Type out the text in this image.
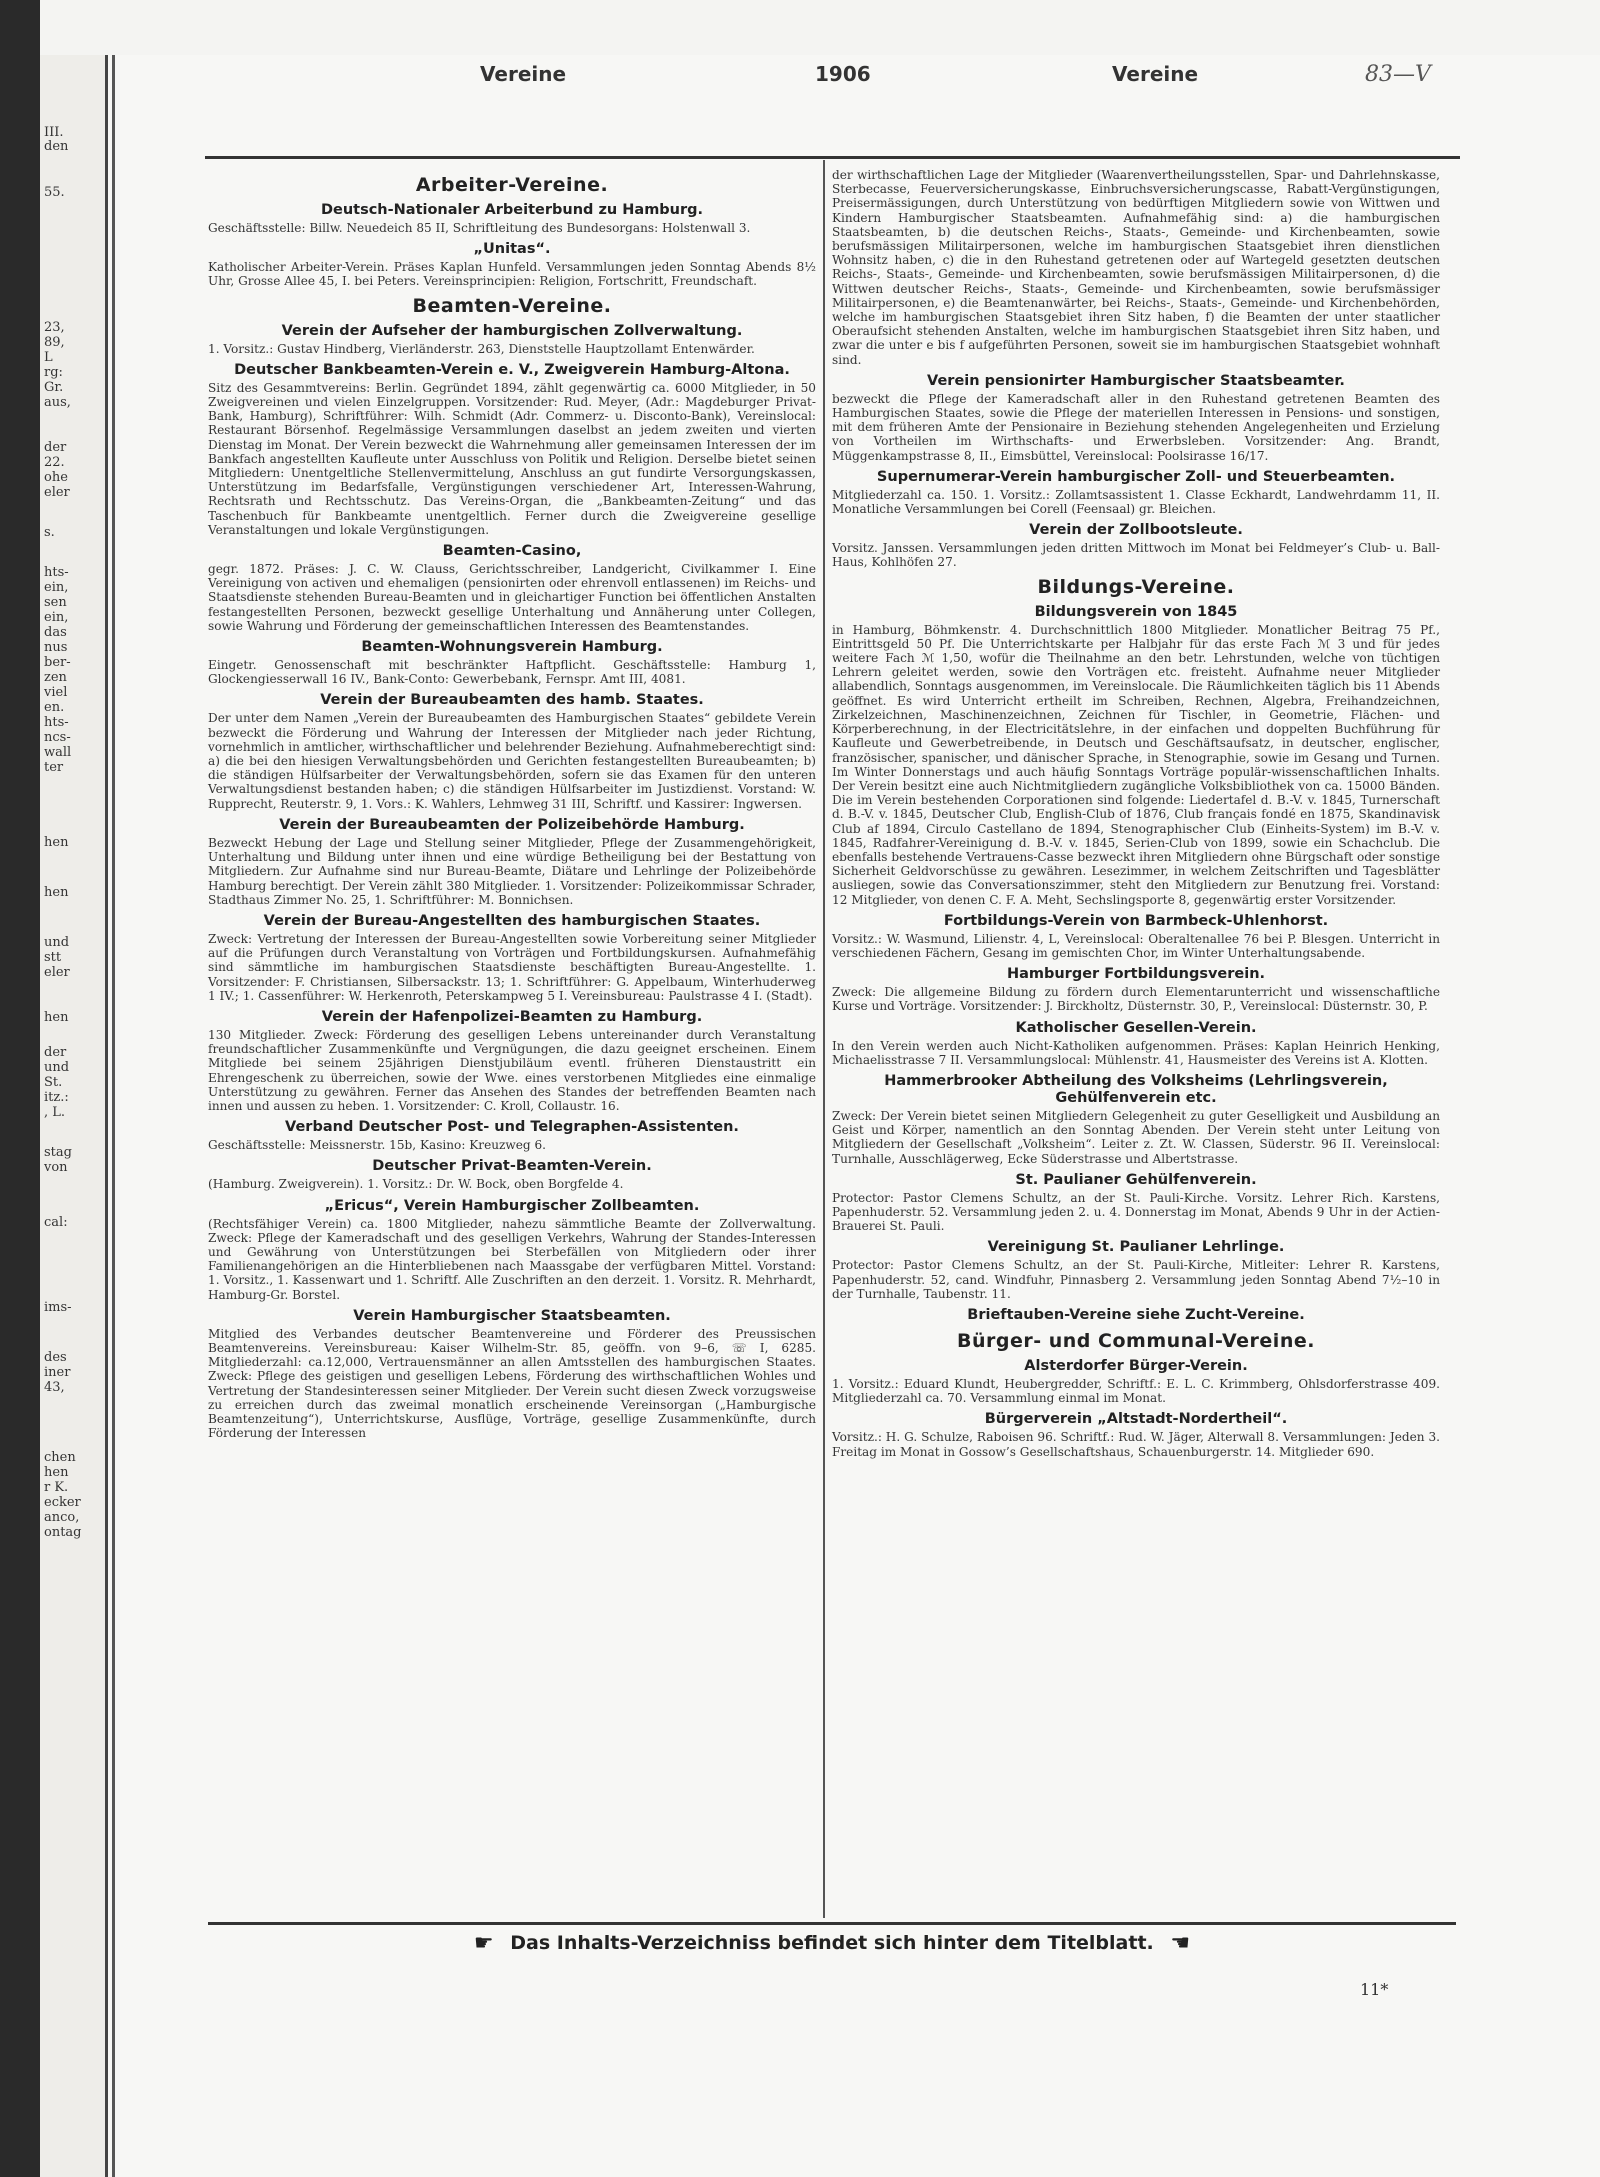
III.
den
55.
23,
89,
L
rg:
Gr.
aus,
der
22.
ohe
eler
s.
hts-
ein,
sen
ein,
das
nus
ber-
zen
viel
en.
hts-
ncs-
wall
ter
hen
hen
und
stt
eler
hen
der
und
St.
itz.:
, L.
stag
von
cal:
ims-
des
iner
43,
chen
hen
r K.
ecker
anco,
ontag
Vereine	1906	Vereine	83—V
Arbeiter-Vereine.
Deutsch-Nationaler Arbeiterbund zu Hamburg.

Geschäftsstelle: Billw. Neuedeich 85 II, Schriftleitung des Bundesorgans: Holstenwall 3.

„Unitas“.

Katholischer Arbeiter-Verein. Präses Kaplan Hunfeld. Versammlungen jeden Sonntag Abends 8½ Uhr, Grosse Allee 45, I. bei Peters. Vereinsprincipien: Religion, Fortschritt, Freundschaft.

Beamten-Vereine.
Verein der Aufseher der hamburgischen Zollverwaltung.

1. Vorsitz.: Gustav Hindberg, Vierländerstr. 263, Dienststelle Hauptzollamt Entenwärder.

Deutscher Bankbeamten-Verein e. V., Zweigverein Hamburg-Altona.

Sitz des Gesammtvereins: Berlin. Gegründet 1894, zählt gegenwärtig ca. 6000 Mitglieder, in 50 Zweigvereinen und vielen Einzelgruppen. Vorsitzender: Rud. Meyer, (Adr.: Magdeburger Privat-Bank, Hamburg), Schriftführer: Wilh. Schmidt (Adr. Commerz- u. Disconto-Bank), Vereinslocal: Restaurant Börsenhof. Regelmässige Versammlungen daselbst an jedem zweiten und vierten Dienstag im Monat. Der Verein bezweckt die Wahrnehmung aller gemeinsamen Interessen der im Bankfach angestellten Kaufleute unter Ausschluss von Politik und Religion. Derselbe bietet seinen Mitgliedern: Unentgeltliche Stellenvermittelung, Anschluss an gut fundirte Versorgungskassen, Unterstützung im Bedarfsfalle, Vergünstigungen verschiedener Art, Interessen-Wahrung, Rechtsrath und Rechtsschutz. Das Vereins-Organ, die „Bankbeamten-Zeitung“ und das Taschenbuch für Bankbeamte unentgeltlich. Ferner durch die Zweigvereine gesellige Veranstaltungen und lokale Vergünstigungen.

Beamten-Casino,

gegr. 1872. Präses: J. C. W. Clauss, Gerichtsschreiber, Landgericht, Civilkammer I. Eine Vereinigung von activen und ehemaligen (pensionirten oder ehrenvoll entlassenen) im Reichs- und Staatsdienste stehenden Bureau-Beamten und in gleichartiger Function bei öffentlichen Anstalten festangestellten Personen, bezweckt gesellige Unterhaltung und Annäherung unter Collegen, sowie Wahrung und Förderung der gemeinschaftlichen Interessen des Beamtenstandes.

Beamten-Wohnungsverein Hamburg.

Eingetr. Genossenschaft mit beschränkter Haftpflicht. Geschäftsstelle: Hamburg 1, Glockengiesserwall 16 IV., Bank-Conto: Gewerbebank, Fernspr. Amt III, 4081.

Verein der Bureaubeamten des hamb. Staates.

Der unter dem Namen „Verein der Bureaubeamten des Hamburgischen Staates“ gebildete Verein bezweckt die Förderung und Wahrung der Interessen der Mitglieder nach jeder Richtung, vornehmlich in amtlicher, wirthschaftlicher und belehrender Beziehung. Aufnahmeberechtigt sind: a) die bei den hiesigen Verwaltungsbehörden und Gerichten festangestellten Bureaubeamten; b) die ständigen Hülfsarbeiter der Verwaltungsbehörden, sofern sie das Examen für den unteren Verwaltungsdienst bestanden haben; c) die ständigen Hülfsarbeiter im Justizdienst. Vorstand: W. Rupprecht, Reuterstr. 9, 1. Vors.: K. Wahlers, Lehmweg 31 III, Schriftf. und Kassirer: Ingwersen.

Verein der Bureaubeamten der Polizeibehörde Hamburg.

Bezweckt Hebung der Lage und Stellung seiner Mitglieder, Pflege der Zusammengehörigkeit, Unterhaltung und Bildung unter ihnen und eine würdige Betheiligung bei der Bestattung von Mitgliedern. Zur Aufnahme sind nur Bureau-Beamte, Diätare und Lehrlinge der Polizeibehörde Hamburg berechtigt. Der Verein zählt 380 Mitglieder. 1. Vorsitzender: Polizeikommissar Schrader, Stadthaus Zimmer No. 25, 1. Schriftführer: M. Bonnichsen.

Verein der Bureau-Angestellten des hamburgischen Staates.

Zweck: Vertretung der Interessen der Bureau-Angestellten sowie Vorbereitung seiner Mitglieder auf die Prüfungen durch Veranstaltung von Vorträgen und Fortbildungskursen. Aufnahmefähig sind sämmtliche im hamburgischen Staatsdienste beschäftigten Bureau-Angestellte. 1. Vorsitzender: F. Christiansen, Silbersackstr. 13; 1. Schriftführer: G. Appelbaum, Winterhuderweg 1 IV.; 1. Cassenführer: W. Herkenroth, Peterskampweg 5 I. Vereinsbureau: Paulstrasse 4 I. (Stadt).

Verein der Hafenpolizei-Beamten zu Hamburg.

130 Mitglieder. Zweck: Förderung des geselligen Lebens untereinander durch Veranstaltung freundschaftlicher Zusammenkünfte und Vergnügungen, die dazu geeignet erscheinen. Einem Mitgliede bei seinem 25jährigen Dienstjubiläum eventl. früheren Dienstaustritt ein Ehrengeschenk zu überreichen, sowie der Wwe. eines verstorbenen Mitgliedes eine einmalige Unterstützung zu gewähren. Ferner das Ansehen des Standes der betreffenden Beamten nach innen und aussen zu heben. 1. Vorsitzender: C. Kroll, Collaustr. 16.

Verband Deutscher Post- und Telegraphen-Assistenten.

Geschäftsstelle: Meissnerstr. 15b, Kasino: Kreuzweg 6.

Deutscher Privat-Beamten-Verein.

(Hamburg. Zweigverein). 1. Vorsitz.: Dr. W. Bock, oben Borgfelde 4.

„Ericus“, Verein Hamburgischer Zollbeamten.

(Rechtsfähiger Verein) ca. 1800 Mitglieder, nahezu sämmtliche Beamte der Zollverwaltung. Zweck: Pflege der Kameradschaft und des geselligen Verkehrs, Wahrung der Standes-Interessen und Gewährung von Unterstützungen bei Sterbefällen von Mitgliedern oder ihrer Familienangehörigen an die Hinterbliebenen nach Maassgabe der verfügbaren Mittel. Vorstand: 1. Vorsitz., 1. Kassenwart und 1. Schriftf. Alle Zuschriften an den derzeit. 1. Vorsitz. R. Mehrhardt, Hamburg-Gr. Borstel.

Verein Hamburgischer Staatsbeamten.

Mitglied des Verbandes deutscher Beamtenvereine und Förderer des Preussischen Beamtenvereins. Vereinsbureau: Kaiser Wilhelm-Str. 85, geöffn. von 9–6, ☏ I, 6285. Mitgliederzahl: ca.12,000, Vertrauensmänner an allen Amtsstellen des hamburgischen Staates. Zweck: Pflege des geistigen und geselligen Lebens, Förderung des wirthschaftlichen Wohles und Vertretung der Standesinteressen seiner Mitglieder. Der Verein sucht diesen Zweck vorzugsweise zu erreichen durch das zweimal monatlich erscheinende Vereinsorgan („Hamburgische Beamtenzeitung“), Unterrichtskurse, Ausflüge, Vorträge, gesellige Zusammenkünfte, durch Förderung der Interessen

der wirthschaftlichen Lage der Mitglieder (Waarenvertheilungsstellen, Spar- und Dahrlehnskasse, Sterbecasse, Feuerversicherungskasse, Einbruchsversicherungscasse, Rabatt-Vergünstigungen, Preisermässigungen, durch Unterstützung von bedürftigen Mitgliedern sowie von Wittwen und Kindern Hamburgischer Staatsbeamten. Aufnahmefähig sind: a) die hamburgischen Staatsbeamten, b) die deutschen Reichs-, Staats-, Gemeinde- und Kirchenbeamten, sowie berufsmässigen Militairpersonen, welche im hamburgischen Staatsgebiet ihren dienstlichen Wohnsitz haben, c) die in den Ruhestand getretenen oder auf Wartegeld gesetzten deutschen Reichs-, Staats-, Gemeinde- und Kirchenbeamten, sowie berufsmässigen Militairpersonen, d) die Wittwen deutscher Reichs-, Staats-, Gemeinde- und Kirchenbeamten, sowie berufsmässiger Militairpersonen, e) die Beamtenanwärter, bei Reichs-, Staats-, Gemeinde- und Kirchenbehörden, welche im hamburgischen Staatsgebiet ihren Sitz haben, f) die Beamten der unter staatlicher Oberaufsicht stehenden Anstalten, welche im hamburgischen Staatsgebiet ihren Sitz haben, und zwar die unter e bis f aufgeführten Personen, soweit sie im hamburgischen Staatsgebiet wohnhaft sind.

Verein pensionirter Hamburgischer Staatsbeamter.

bezweckt die Pflege der Kameradschaft aller in den Ruhestand getretenen Beamten des Hamburgischen Staates, sowie die Pflege der materiellen Interessen in Pensions- und sonstigen, mit dem früheren Amte der Pensionaire in Beziehung stehenden Angelegenheiten und Erzielung von Vortheilen im Wirthschafts- und Erwerbsleben. Vorsitzender: Ang. Brandt, Müggenkampstrasse 8, II., Eimsbüttel, Vereinslocal: Poolsirasse 16/17.

Supernumerar-Verein hamburgischer Zoll- und Steuerbeamten.

Mitgliederzahl ca. 150. 1. Vorsitz.: Zollamtsassistent 1. Classe Eckhardt, Landwehrdamm 11, II. Monatliche Versammlungen bei Corell (Feensaal) gr. Bleichen.

Verein der Zollbootsleute.

Vorsitz. Janssen. Versammlungen jeden dritten Mittwoch im Monat bei Feldmeyer’s Club- u. Ball-Haus, Kohlhöfen 27.

Bildungs-Vereine.
Bildungsverein von 1845

in Hamburg, Böhmkenstr. 4. Durchschnittlich 1800 Mitglieder. Monatlicher Beitrag 75 Pf., Eintrittsgeld 50 Pf. Die Unterrichtskarte per Halbjahr für das erste Fach ℳ 3 und für jedes weitere Fach ℳ 1,50, wofür die Theilnahme an den betr. Lehrstunden, welche von tüchtigen Lehrern geleitet werden, sowie den Vorträgen etc. freisteht. Aufnahme neuer Mitglieder allabendlich, Sonntags ausgenommen, im Vereinslocale. Die Räumlichkeiten täglich bis 11 Abends geöffnet. Es wird Unterricht ertheilt im Schreiben, Rechnen, Algebra, Freihandzeichnen, Zirkelzeichnen, Maschinenzeichnen, Zeichnen für Tischler, in Geometrie, Flächen- und Körperberechnung, in der Electricitätslehre, in der einfachen und doppelten Buchführung für Kaufleute und Gewerbetreibende, in Deutsch und Geschäftsaufsatz, in deutscher, englischer, französischer, spanischer, und dänischer Sprache, in Stenographie, sowie im Gesang und Turnen. Im Winter Donnerstags und auch häufig Sonntags Vorträge populär-wissenschaftlichen Inhalts. Der Verein besitzt eine auch Nichtmitgliedern zugängliche Volksbibliothek von ca. 15000 Bänden. Die im Verein bestehenden Corporationen sind folgende: Liedertafel d. B.-V. v. 1845, Turnerschaft d. B.-V. v. 1845, Deutscher Club, English-Club of 1876, Club français fondé en 1875, Skandinavisk Club af 1894, Circulo Castellano de 1894, Stenographischer Club (Einheits-System) im B.-V. v. 1845, Radfahrer-Vereinigung d. B.-V. v. 1845, Serien-Club von 1899, sowie ein Schachclub. Die ebenfalls bestehende Vertrauens-Casse bezweckt ihren Mitgliedern ohne Bürgschaft oder sonstige Sicherheit Geldvorschüsse zu gewähren. Lesezimmer, in welchem Zeitschriften und Tagesblätter ausliegen, sowie das Conversationszimmer, steht den Mitgliedern zur Benutzung frei. Vorstand: 12 Mitglieder, von denen C. F. A. Meht, Sechslingsporte 8, gegenwärtig erster Vorsitzender.

Fortbildungs-Verein von Barmbeck-Uhlenhorst.

Vorsitz.: W. Wasmund, Lilienstr. 4, L, Vereinslocal: Oberaltenallee 76 bei P. Blesgen. Unterricht in verschiedenen Fächern, Gesang im gemischten Chor, im Winter Unterhaltungsabende.

Hamburger Fortbildungsverein.

Zweck: Die allgemeine Bildung zu fördern durch Elementarunterricht und wissenschaftliche Kurse und Vorträge. Vorsitzender: J. Birckholtz, Düsternstr. 30, P., Vereinslocal: Düsternstr. 30, P.

Katholischer Gesellen-Verein.

In den Verein werden auch Nicht-Katholiken aufgenommen. Präses: Kaplan Heinrich Henking, Michaelisstrasse 7 II. Versammlungslocal: Mühlenstr. 41, Hausmeister des Vereins ist A. Klotten.

Hammerbrooker Abtheilung des Volksheims (Lehrlingsverein, Gehülfenverein etc.

Zweck: Der Verein bietet seinen Mitgliedern Gelegenheit zu guter Geselligkeit und Ausbildung an Geist und Körper, namentlich an den Sonntag Abenden. Der Verein steht unter Leitung von Mitgliedern der Gesellschaft „Volksheim“. Leiter z. Zt. W. Classen, Süderstr. 96 II. Vereinslocal: Turnhalle, Ausschlägerweg, Ecke Süderstrasse und Albertstrasse.

St. Paulianer Gehülfenverein.

Protector: Pastor Clemens Schultz, an der St. Pauli-Kirche. Vorsitz. Lehrer Rich. Karstens, Papenhuderstr. 52. Versammlung jeden 2. u. 4. Donnerstag im Monat, Abends 9 Uhr in der Actien-Brauerei St. Pauli.

Vereinigung St. Paulianer Lehrlinge.

Protector: Pastor Clemens Schultz, an der St. Pauli-Kirche, Mitleiter: Lehrer R. Karstens, Papenhuderstr. 52, cand. Windfuhr, Pinnasberg 2. Versammlung jeden Sonntag Abend 7½–10 in der Turnhalle, Taubenstr. 11.

Brieftauben-Vereine siehe Zucht-Vereine.
Bürger- und Communal-Vereine.
Alsterdorfer Bürger-Verein.

1. Vorsitz.: Eduard Klundt, Heubergredder, Schriftf.: E. L. C. Krimmberg, Ohlsdorferstrasse 409. Mitgliederzahl ca. 70. Versammlung einmal im Monat.

Bürgerverein „Altstadt-Nordertheil“.

Vorsitz.: H. G. Schulze, Raboisen 96. Schriftf.: Rud. W. Jäger, Alterwall 8. Versammlungen: Jeden 3. Freitag im Monat in Gossow’s Gesellschaftshaus, Schauenburgerstr. 14. Mitglieder 690.

☛ Das Inhalts-Verzeichniss befindet sich hinter dem Titelblatt. ☚
11*
